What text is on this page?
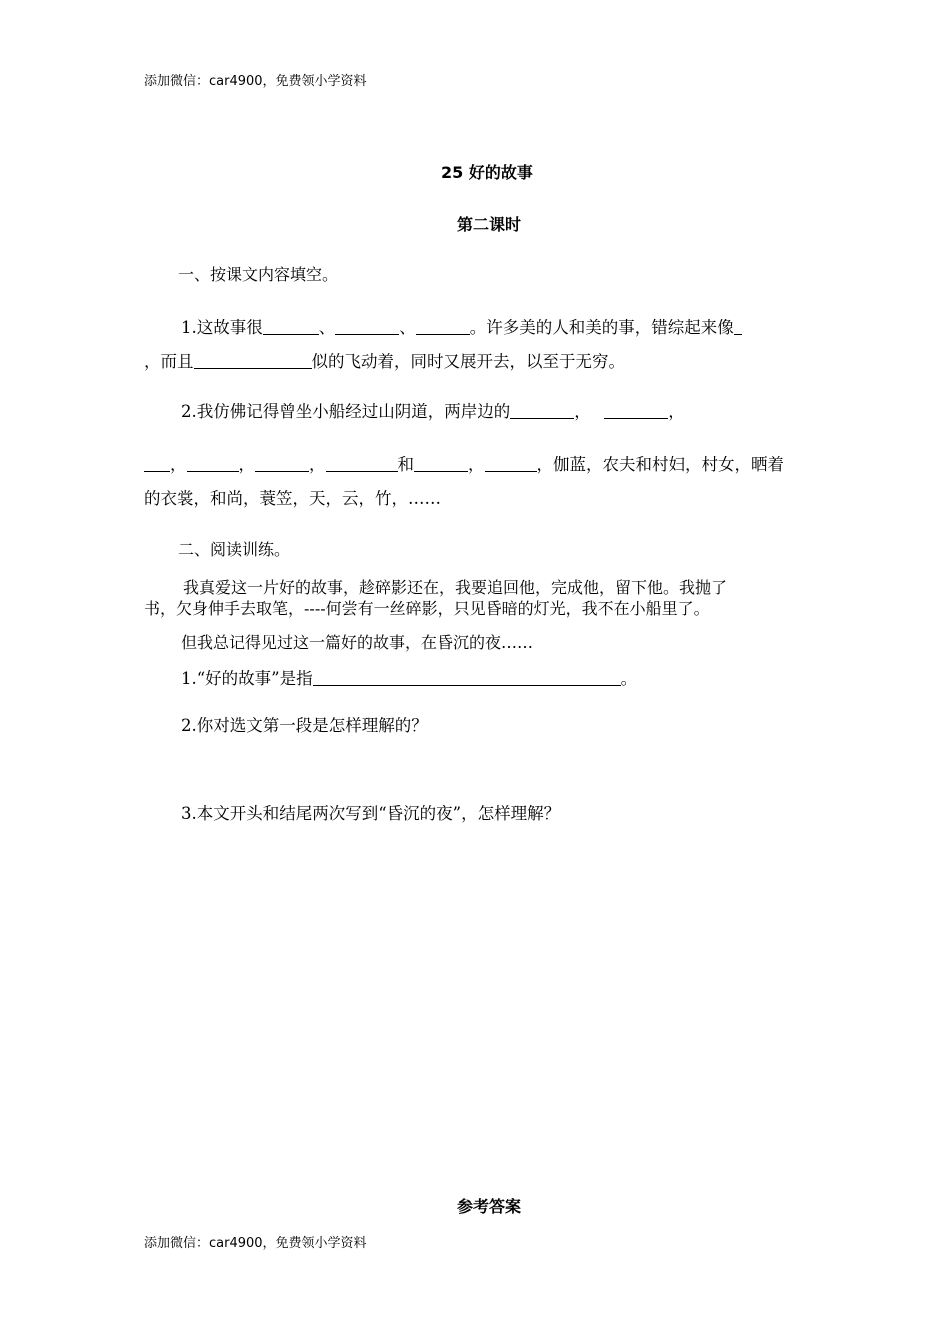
添加微信：car4900，免费领小学资料
25 好的故事
第二课时
一、按课文内容填空。
1.这故事很	、	、	。许多美的人和美的事，错综起来像
，而且	似的飞动着，同时又展开去，以至于无穷。
2.我仿佛记得曾坐小船经过山阴道，两岸边的	，	，
，	，	，	和	，	，伽蓝，农夫和村妇，村女，晒着
的衣裳，和尚，蓑笠，天，云，竹，……
二、阅读训练。
我真爱这一片好的故事，趁碎影还在，我要追回他，完成他，留下他。我抛了
书，欠身伸手去取笔，----何尝有一丝碎影，只见昏暗的灯光，我不在小船里了。
但我总记得见过这一篇好的故事，在昏沉的夜……
1.“好的故事”是指	。
2.你对选文第一段是怎样理解的？
3.本文开头和结尾两次写到“昏沉的夜”，怎样理解？
参考答案
添加微信：car4900，免费领小学资料
